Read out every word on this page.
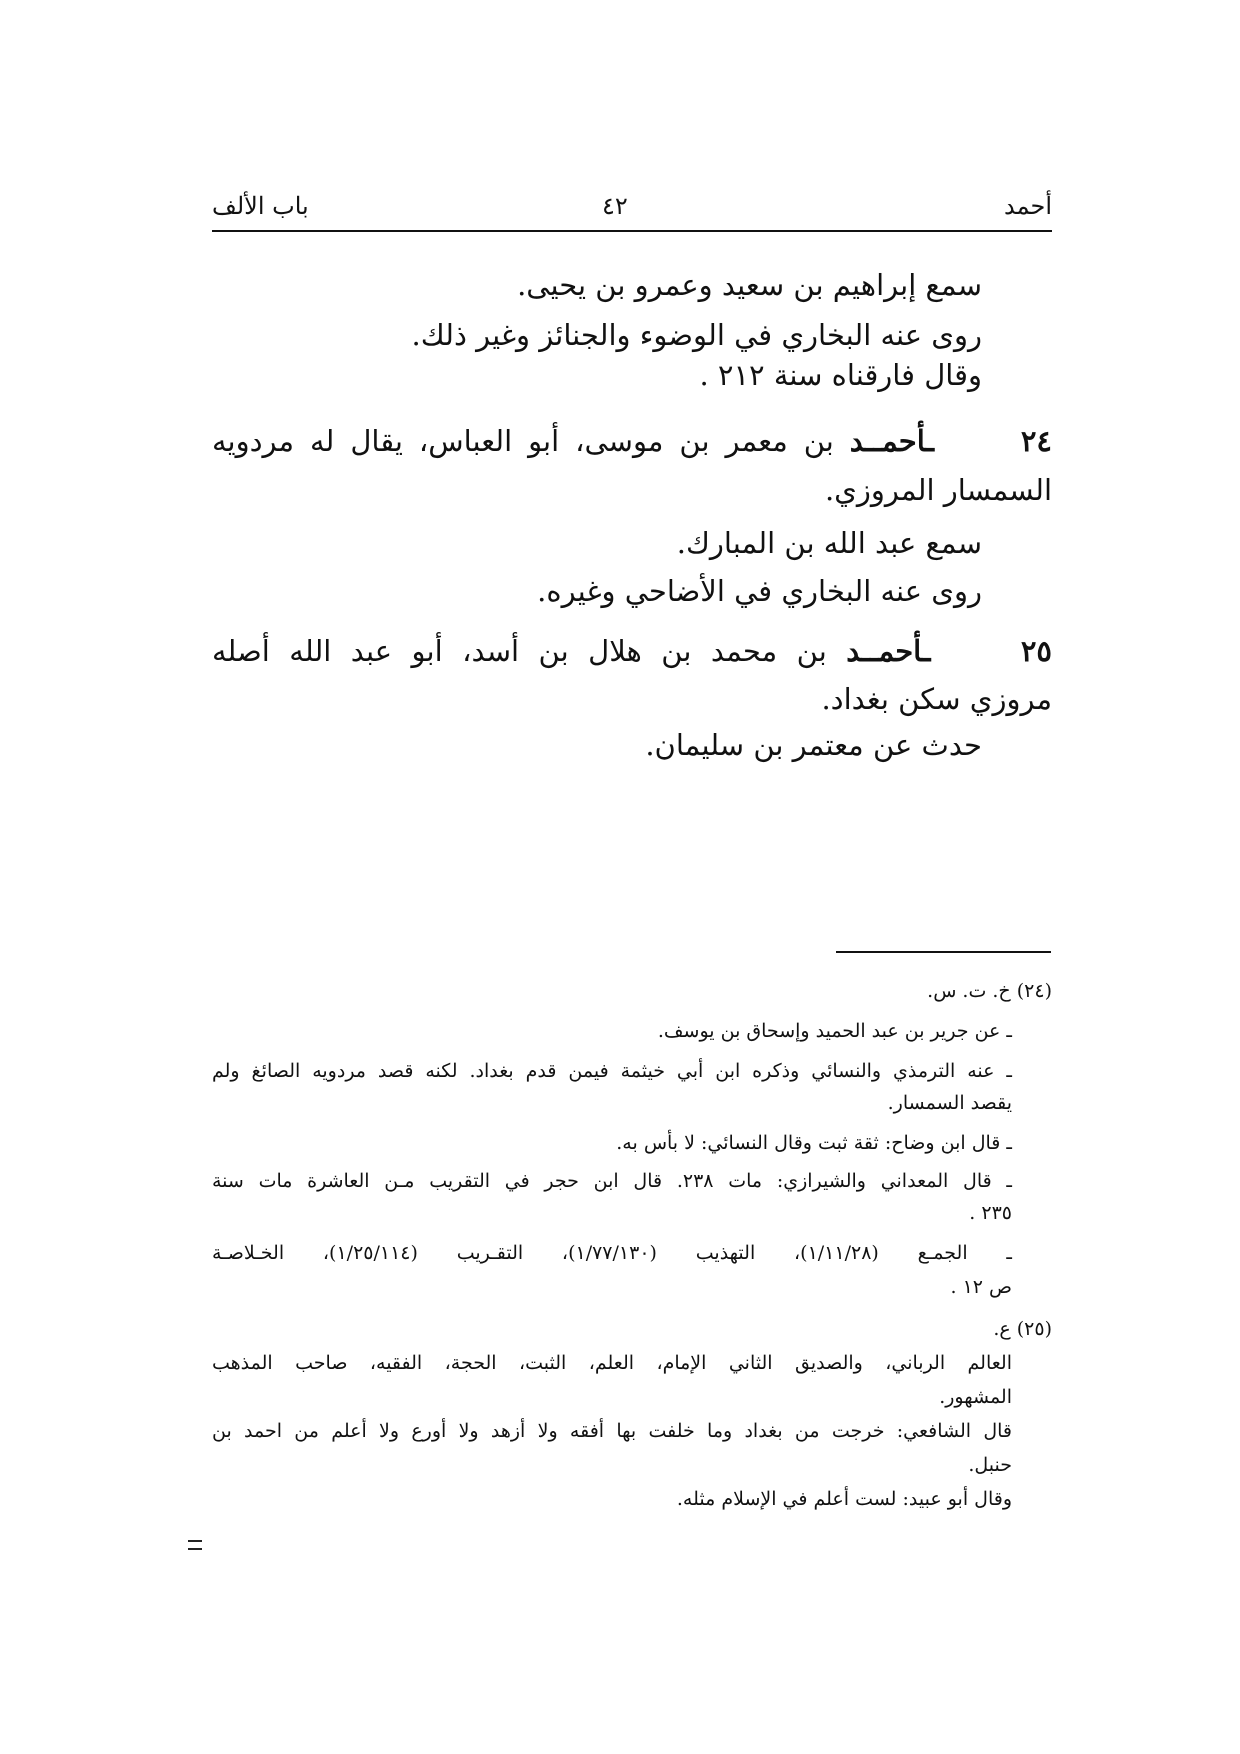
أحمد
٤٢
باب الألف
سمع إبراهيم بن سعيد وعمرو بن يحيى.
روى عنه البخاري في الوضوء والجنائز وغير ذلك.
وقال فارقناه سنة ٢١٢ .
٢٤ ـأحمــد بن معمر بن موسى، أبو العباس، يقال له مردويه
السمسار المروزي.
سمع عبد الله بن المبارك.
روى عنه البخاري في الأضاحي وغيره.
٢٥ ـأحمــد بن محمد بن هلال بن أسد، أبو عبد الله أصله
مروزي سكن بغداد.
حدث عن معتمر بن سليمان.
(٢٤) خ. ت. س.
ـ عن جرير بن عبد الحميد وإسحاق بن يوسف.
ـ عنه الترمذي والنسائي وذكره ابن أبي خيثمة فيمن قدم بغداد. لكنه قصد مردويه الصائغ ولم
يقصد السمسار.
ـ قال ابن وضاح: ثقة ثبت وقال النسائي: لا بأس به.
ـ قال المعداني والشيرازي: مات ٢٣٨. قال ابن حجر في التقريب مـن العاشرة مات سنة
٢٣٥ .
ـ الجمـع (١/١١/٢٨)، التهذيب (١/٧٧/١٣٠)، التقـريب (١/٢٥/١١٤)، الخـلاصـة
ص ١٢ .
(٢٥) ع.
العالم الرباني، والصديق الثاني الإمام، العلم، الثبت، الحجة، الفقيه، صاحب المذهب
المشهور.
قال الشافعي: خرجت من بغداد وما خلفت بها أفقه ولا أزهد ولا أورع ولا أعلم من احمد بن
حنبل.
وقال أبو عبيد: لست أعلم في الإسلام مثله.
